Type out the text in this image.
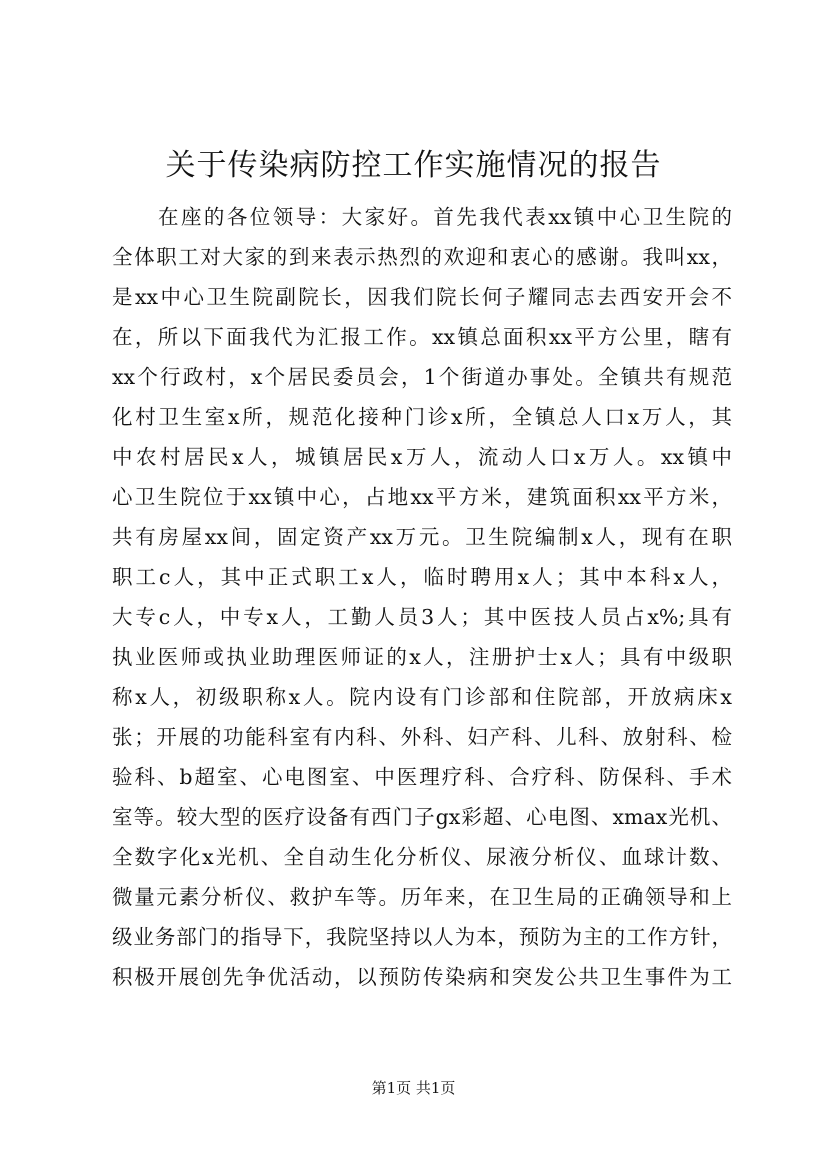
关于传染病防控工作实施情况的报告
在座的各位领导：大家好。首先我代表xx镇中心卫生院的
全体职工对大家的到来表示热烈的欢迎和衷心的感谢。我叫xx，
是xx中心卫生院副院长，因我们院长何子耀同志去西安开会不
在，所以下面我代为汇报工作。xx镇总面积xx平方公里，瞎有
xx个行政村，x个居民委员会，1个街道办事处。全镇共有规范
化村卫生室x所，规范化接种门诊x所，全镇总人口x万人，其
中农村居民x人，城镇居民x万人，流动人口x万人。xx镇中
心卫生院位于xx镇中心，占地xx平方米，建筑面积xx平方米，
共有房屋xx间，固定资产xx万元。卫生院编制x人，现有在职
职工c人，其中正式职工x人，临时聘用x人；其中本科x人，
大专c人，中专x人，工勤人员3人；其中医技人员占x%;具有
执业医师或执业助理医师证的x人，注册护士x人；具有中级职
称x人，初级职称x人。院内设有门诊部和住院部，开放病床x
张；开展的功能科室有内科、外科、妇产科、儿科、放射科、检
验科、b超室、心电图室、中医理疗科、合疗科、防保科、手术
室等。较大型的医疗设备有西门子gx彩超、心电图、xmax光机、
全数字化x光机、全自动生化分析仪、尿液分析仪、血球计数、
微量元素分析仪、救护车等。历年来，在卫生局的正确领导和上
级业务部门的指导下，我院坚持以人为本，预防为主的工作方针，
积极开展创先争优活动，以预防传染病和突发公共卫生事件为工
第1页 共1页
